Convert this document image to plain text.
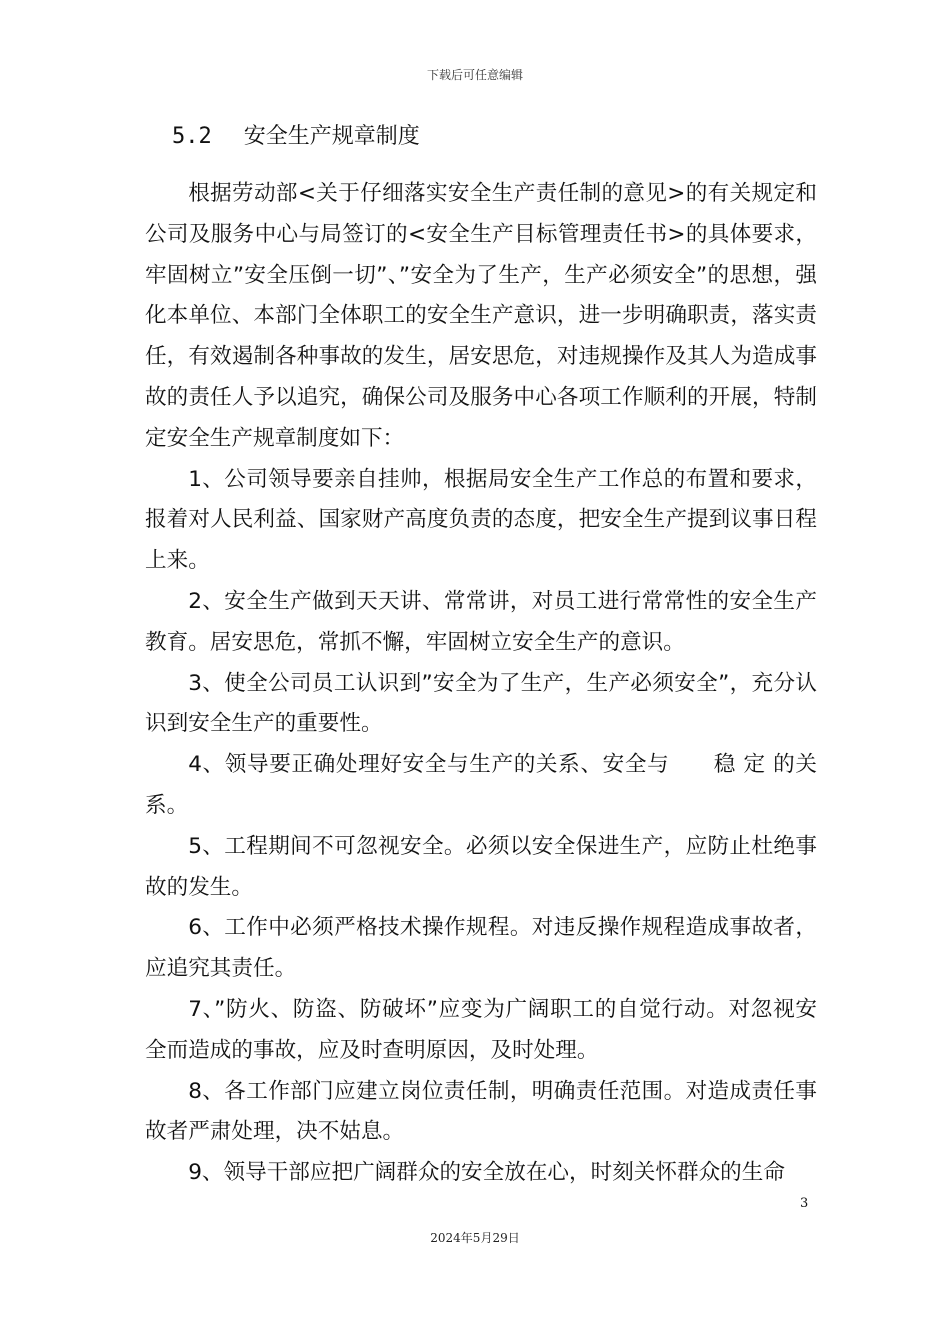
下载后可任意编辑
5.2 安全生产规章制度

根据劳动部<关于仔细落实安全生产责任制的意见>的有关规定和公司及服务中心与局签订的<安全生产目标管理责任书>的具体要求，牢固树立”安全压倒一切”、”安全为了生产，生产必须安全”的思想，强化本单位、本部门全体职工的安全生产意识，进一步明确职责，落实责任，有效遏制各种事故的发生，居安思危，对违规操作及其人为造成事故的责任人予以追究，确保公司及服务中心各项工作顺利的开展，特制定安全生产规章制度如下：

1、公司领导要亲自挂帅，根据局安全生产工作总的布置和要求，报着对人民利益、国家财产高度负责的态度，把安全生产提到议事日程上来。

2、安全生产做到天天讲、常常讲，对员工进行常常性的安全生产教育。居安思危，常抓不懈，牢固树立安全生产的意识。

3、使全公司员工认识到”安全为了生产，生产必须安全”，充分认识到安全生产的重要性。

4、领导要正确处理好安全与生产的关系、安全与　　稳 定 的关系。

5、工程期间不可忽视安全。必须以安全保进生产，应防止杜绝事故的发生。

6、工作中必须严格技术操作规程。对违反操作规程造成事故者，应追究其责任。

7、”防火、防盗、防破坏”应变为广阔职工的自觉行动。对忽视安全而造成的事故，应及时查明原因，及时处理。

8、各工作部门应建立岗位责任制，明确责任范围。对造成责任事故者严肃处理，决不姑息。

9、领导干部应把广阔群众的安全放在心，时刻关怀群众的生命

3
2024年5月29日
